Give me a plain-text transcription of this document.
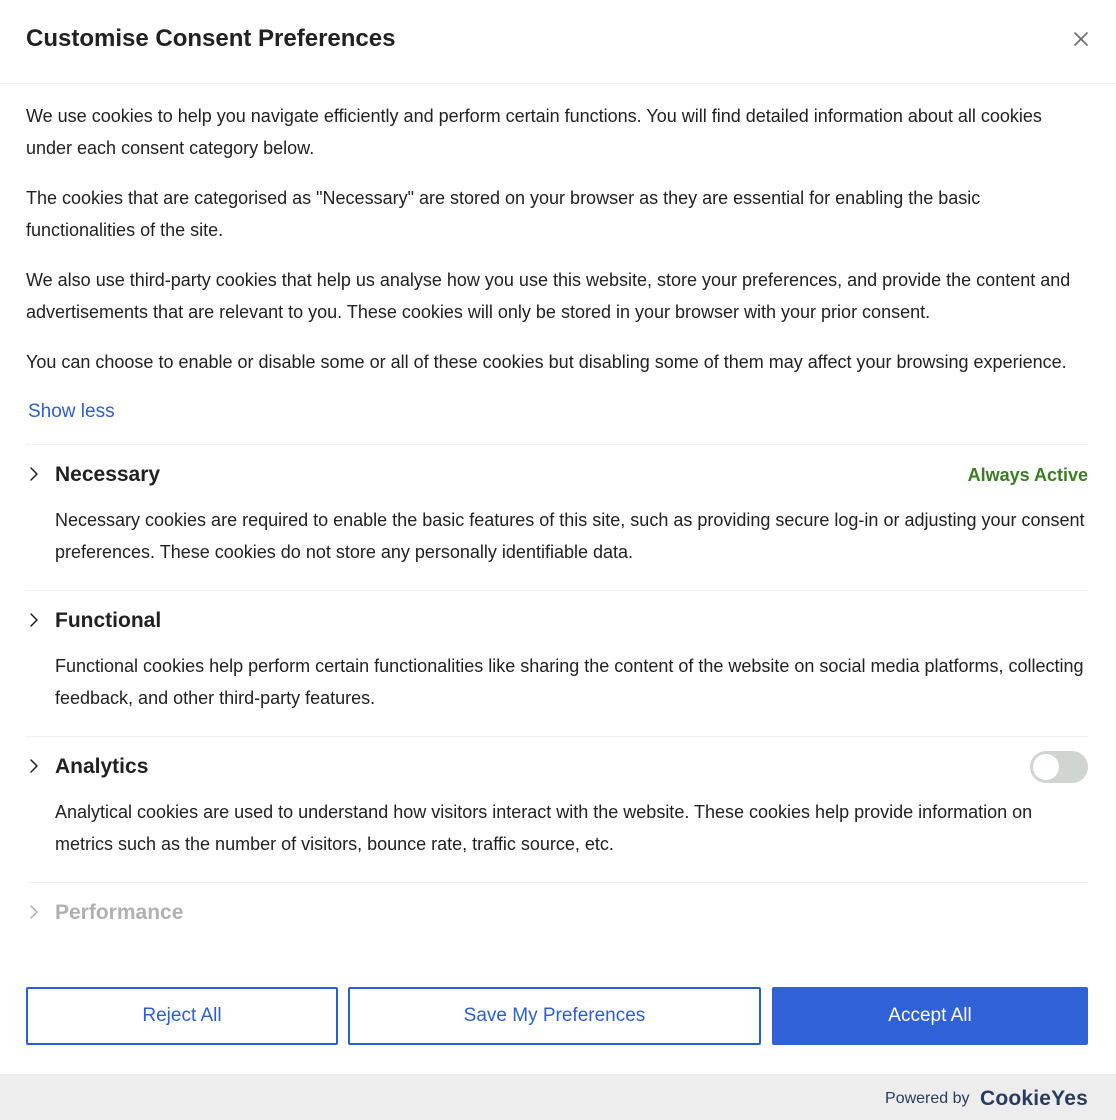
Customise Consent Preferences

We use cookies to help you navigate efficiently and perform certain functions. You will find detailed information about all cookies under each consent category below.

The cookies that are categorised as "Necessary" are stored on your browser as they are essential for enabling the basic functionalities of the site.

We also use third-party cookies that help us analyse how you use this website, store your preferences, and provide the content and advertisements that are relevant to you. These cookies will only be stored in your browser with your prior consent.

You can choose to enable or disable some or all of these cookies but disabling some of them may affect your browsing experience.

Show less
Necessary	Always Active
Necessary cookies are required to enable the basic features of this site, such as providing secure log-in or adjusting your consent preferences. These cookies do not store any personally identifiable data.
Functional
Functional cookies help perform certain functionalities like sharing the content of the website on social media platforms, collecting feedback, and other third-party features.
Analytics
Analytical cookies are used to understand how visitors interact with the website. These cookies help provide information on metrics such as the number of visitors, bounce rate, traffic source, etc.
Performance
Reject All	Save My Preferences	Accept All
Powered by CookieYes
